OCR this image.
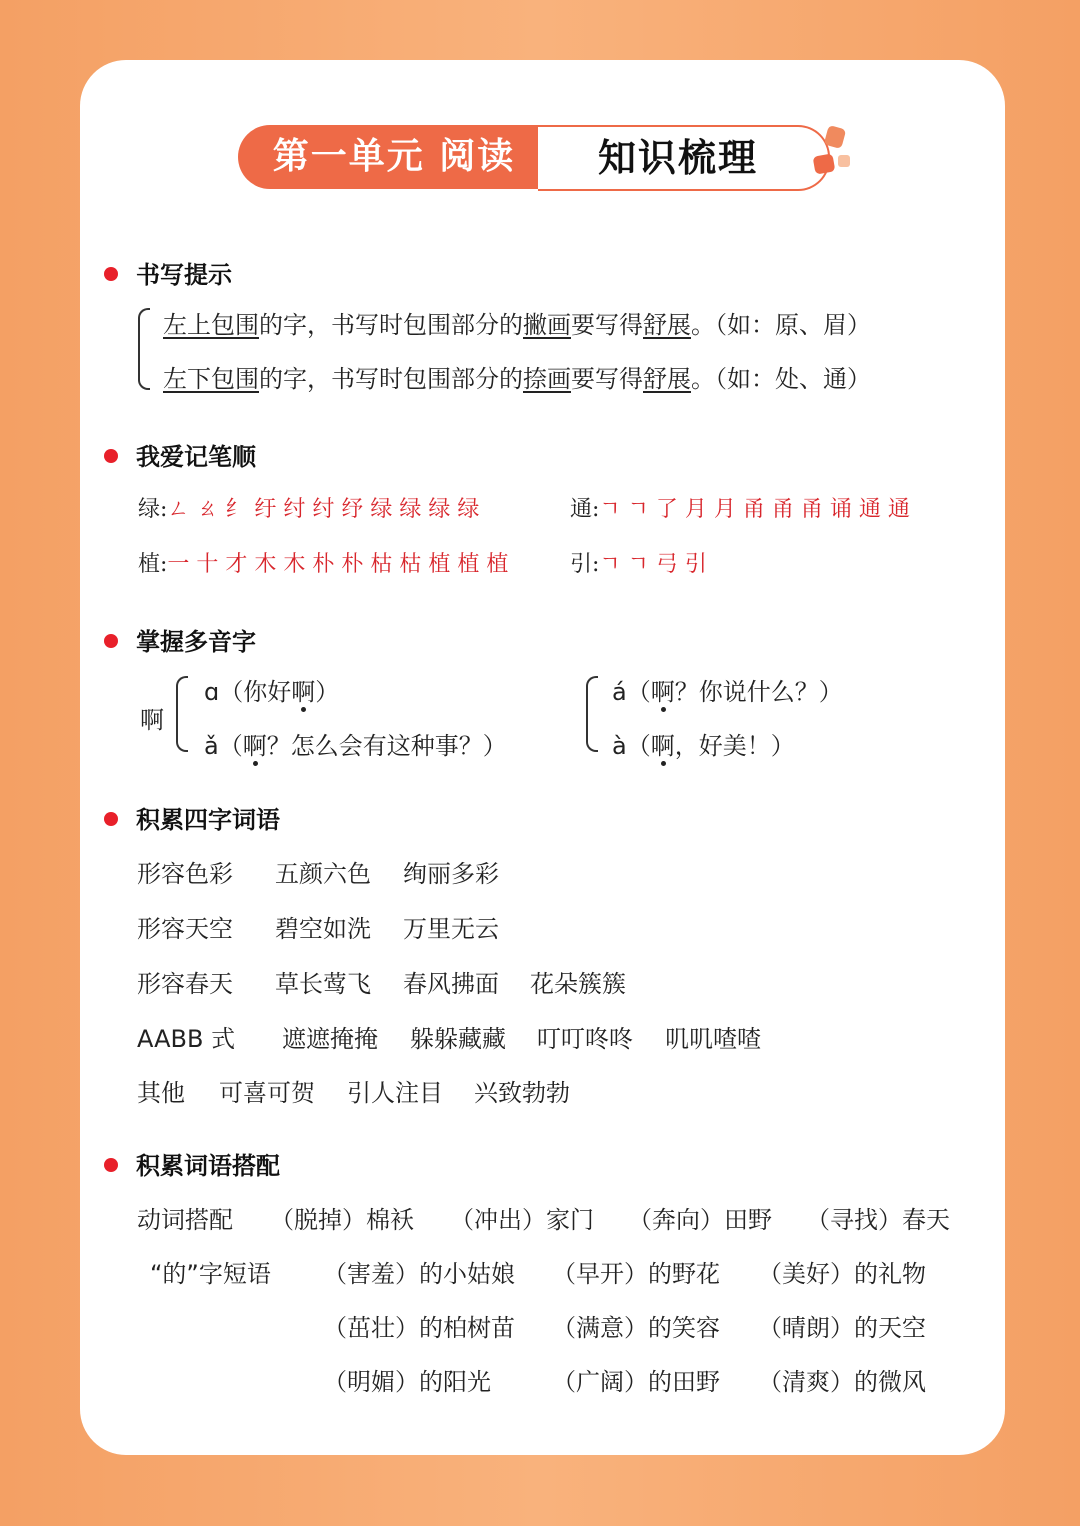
第一单元 阅读	知识梳理
书写提示
左上包围的字，书写时包围部分的撇画要写得舒展。（如：原、眉）
左下包围的字，书写时包围部分的捺画要写得舒展。（如：处、通）
我爱记笔顺
绿:ㄥ ㄠ 纟 纡 纣 纣 纾 绿 绿 绿 绿	通:ㄱ ㄱ 了 月 月 甬 甬 甬 诵 通 通
植:一 十 才 木 木 朴 朴 枯 枯 植 植 植	引:ㄱ ㄱ 弓 引
掌握多音字
啊
ɑ（你好啊）
ǎ（啊？怎么会有这种事？）
á（啊？你说什么？）
à（啊，好美！）
积累四字词语
形容色彩 五颜六色 绚丽多彩
形容天空 碧空如洗 万里无云
形容春天 草长莺飞 春风拂面 花朵簇簇
AABB 式 遮遮掩掩 躲躲藏藏 叮叮咚咚 叽叽喳喳
其他 可喜可贺 引人注目 兴致勃勃
积累词语搭配
动词搭配 （脱掉）棉袄 （冲出）家门 （奔向）田野 （寻找）春天
“的”字短语 （害羞）的小姑娘 （早开）的野花 （美好）的礼物
（茁壮）的柏树苗 （满意）的笑容 （晴朗）的天空
（明媚）的阳光	（广阔）的田野 （清爽）的微风
